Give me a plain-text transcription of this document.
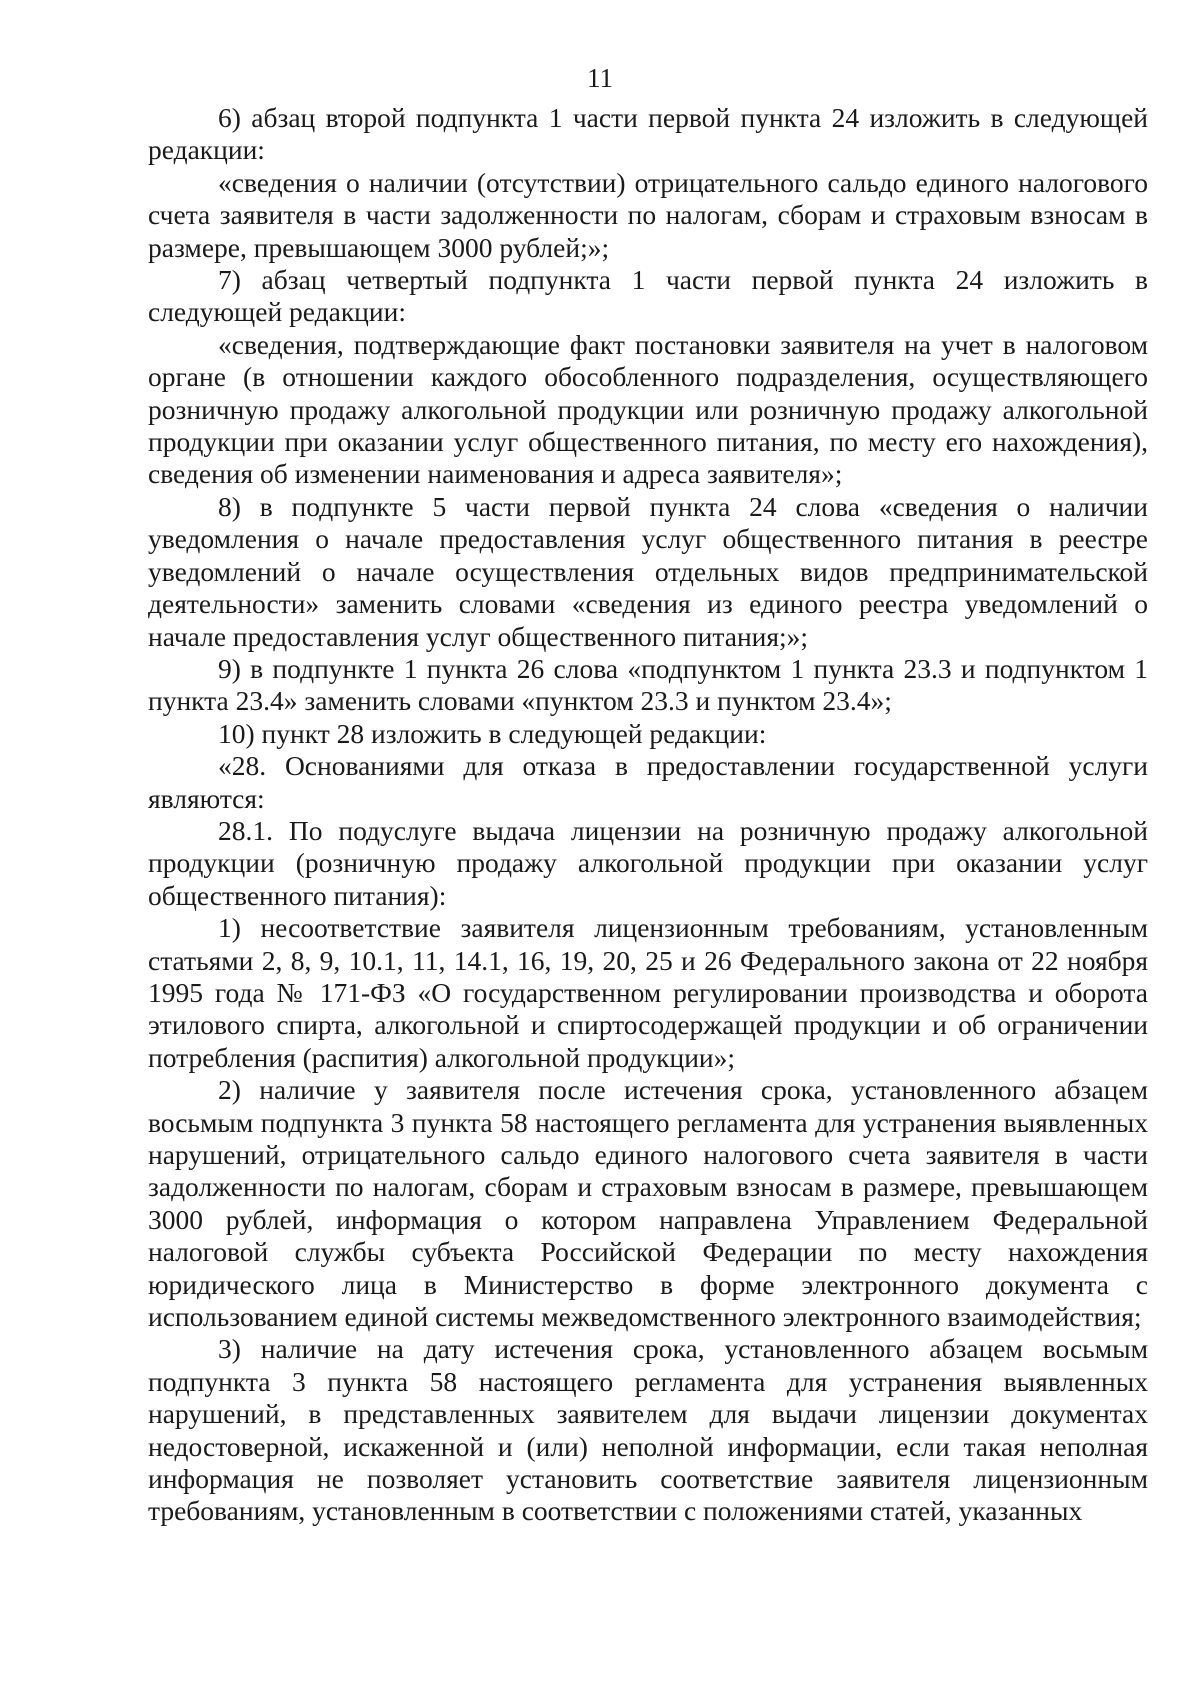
11

6) абзац второй подпункта 1 части первой пункта 24 изложить в следующей редакции:

«сведения о наличии (отсутствии) отрицательного сальдо единого налогового счета заявителя в части задолженности по налогам, сборам и страховым взносам в размере, превышающем 3000 рублей;»;

7) абзац четвертый подпункта 1 части первой пункта 24 изложить в следующей редакции:

«сведения, подтверждающие факт постановки заявителя на учет в налоговом органе (в отношении каждого обособленного подразделения, осуществляющего розничную продажу алкогольной продукции или розничную продажу алкогольной продукции при оказании услуг общественного питания, по месту его нахождения), сведения об изменении наименования и адреса заявителя»;

8) в подпункте 5 части первой пункта 24 слова «сведения о наличии уведомления о начале предоставления услуг общественного питания в реестре уведомлений о начале осуществления отдельных видов предпринимательской деятельности» заменить словами «сведения из единого реестра уведомлений о начале предоставления услуг общественного питания;»;

9) в подпункте 1 пункта 26 слова «подпунктом 1 пункта 23.3 и подпунктом 1 пункта 23.4» заменить словами «пунктом 23.3 и пунктом 23.4»;

10) пункт 28 изложить в следующей редакции:

«28. Основаниями для отказа в предоставлении государственной услуги являются:

28.1. По подуслуге выдача лицензии на розничную продажу алкогольной продукции (розничную продажу алкогольной продукции при оказании услуг общественного питания):

1) несоответствие заявителя лицензионным требованиям, установленным статьями 2, 8, 9, 10.1, 11, 14.1, 16, 19, 20, 25 и 26 Федерального закона от 22 ноября 1995 года № 171-ФЗ «О государственном регулировании производства и оборота этилового спирта, алкогольной и спиртосодержащей продукции и об ограничении потребления (распития) алкогольной продукции»;

2) наличие у заявителя после истечения срока, установленного абзацем восьмым подпункта 3 пункта 58 настоящего регламента для устранения выявленных нарушений, отрицательного сальдо единого налогового счета заявителя в части задолженности по налогам, сборам и страховым взносам в размере, превышающем 3000 рублей, информация о котором направлена Управлением Федеральной налоговой службы субъекта Российской Федерации по месту нахождения юридического лица в Министерство в форме электронного документа с использованием единой системы межведомственного электронного взаимодействия;

3) наличие на дату истечения срока, установленного абзацем восьмым подпункта 3 пункта 58 настоящего регламента для устранения выявленных нарушений, в представленных заявителем для выдачи лицензии документах недостоверной, искаженной и (или) неполной информации, если такая неполная информация не позволяет установить соответствие заявителя лицензионным требованиям, установленным в соответствии с положениями статей, указанных
